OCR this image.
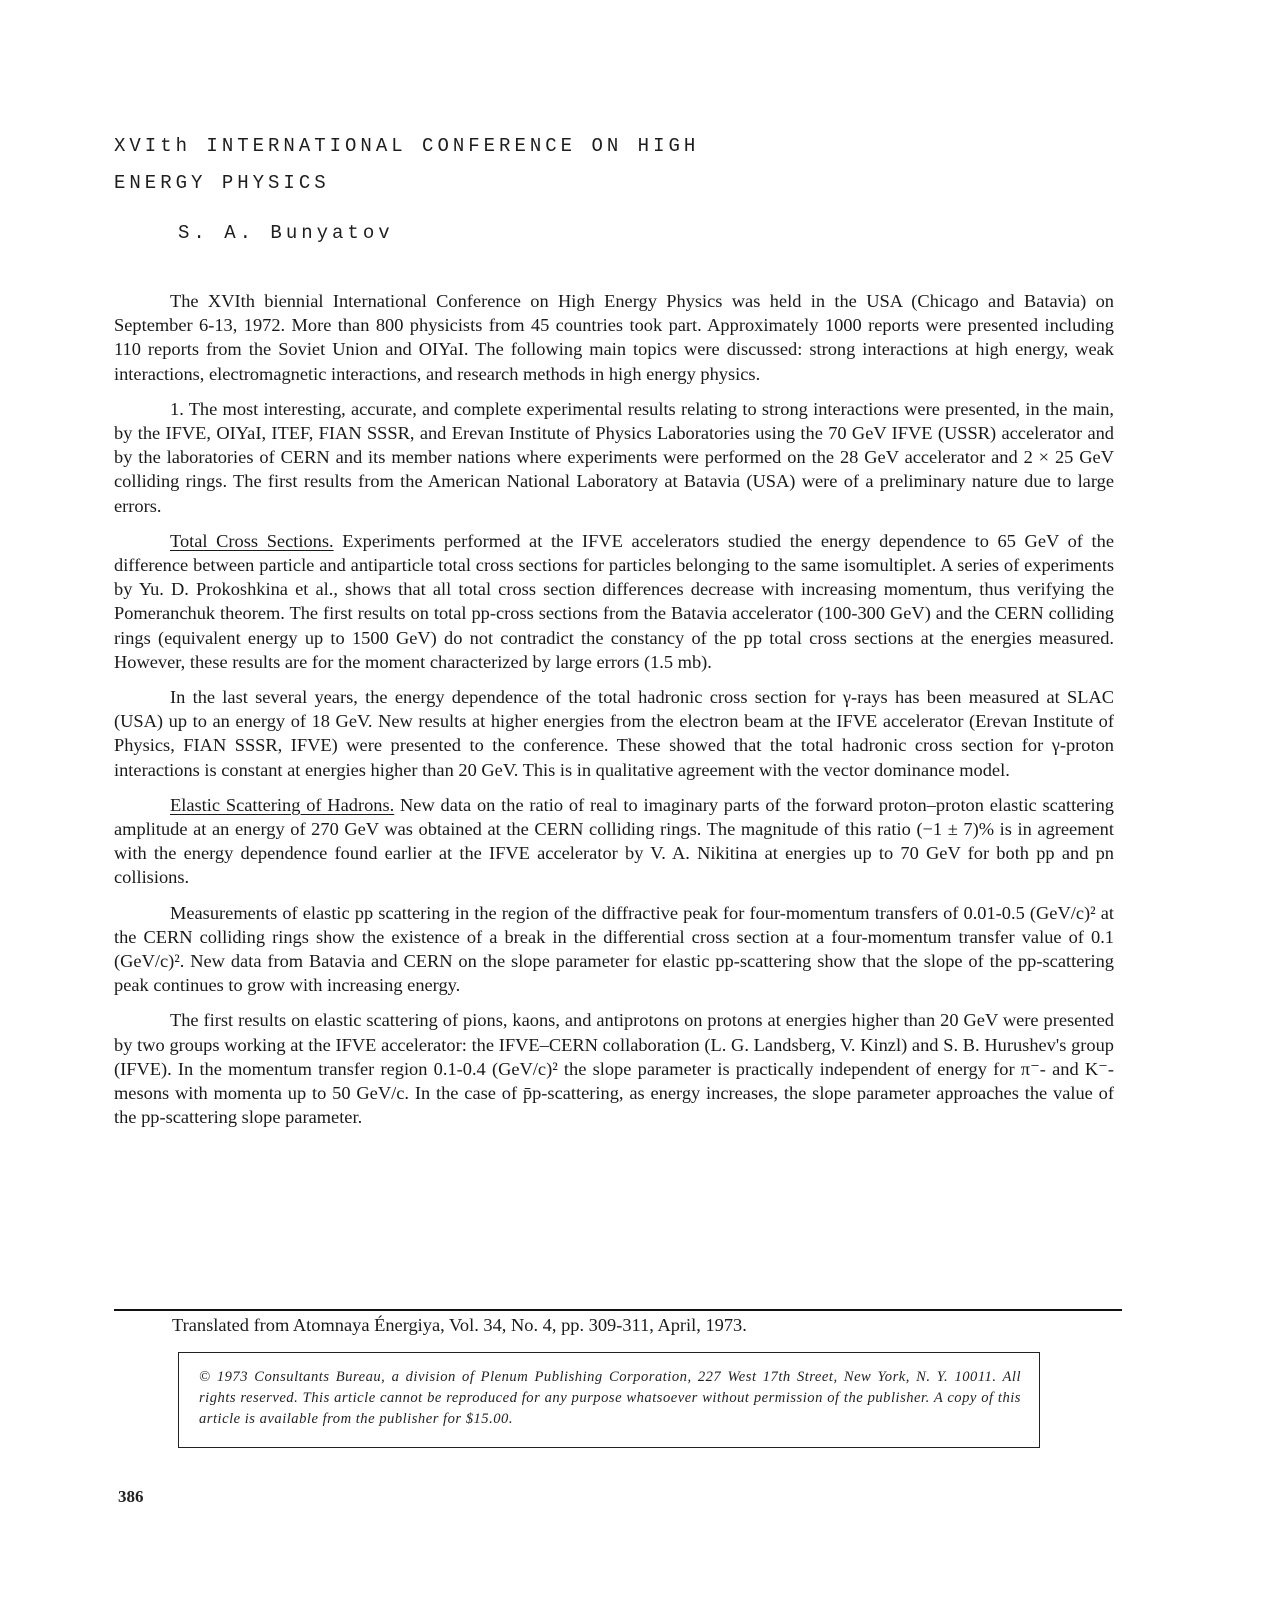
XVIth INTERNATIONAL CONFERENCE ON HIGH
ENERGY PHYSICS
S. A. Bunyatov

The XVIth biennial International Conference on High Energy Physics was held in the USA (Chicago and Batavia) on September 6-13, 1972. More than 800 physicists from 45 countries took part. Approximately 1000 reports were presented including 110 reports from the Soviet Union and OIYaI. The following main topics were discussed: strong interactions at high energy, weak interactions, electromagnetic interactions, and research methods in high energy physics.

1. The most interesting, accurate, and complete experimental results relating to strong interactions were presented, in the main, by the IFVE, OIYaI, ITEF, FIAN SSSR, and Erevan Institute of Physics Laboratories using the 70 GeV IFVE (USSR) accelerator and by the laboratories of CERN and its member nations where experiments were performed on the 28 GeV accelerator and 2 × 25 GeV colliding rings. The first results from the American National Laboratory at Batavia (USA) were of a preliminary nature due to large errors.

Total Cross Sections. Experiments performed at the IFVE accelerators studied the energy dependence to 65 GeV of the difference between particle and antiparticle total cross sections for particles belonging to the same isomultiplet. A series of experiments by Yu. D. Prokoshkina et al., shows that all total cross section differences decrease with increasing momentum, thus verifying the Pomeranchuk theorem. The first results on total pp-cross sections from the Batavia accelerator (100-300 GeV) and the CERN colliding rings (equivalent energy up to 1500 GeV) do not contradict the constancy of the pp total cross sections at the energies measured. However, these results are for the moment characterized by large errors (1.5 mb).

In the last several years, the energy dependence of the total hadronic cross section for γ-rays has been measured at SLAC (USA) up to an energy of 18 GeV. New results at higher energies from the electron beam at the IFVE accelerator (Erevan Institute of Physics, FIAN SSSR, IFVE) were presented to the conference. These showed that the total hadronic cross section for γ-proton interactions is constant at energies higher than 20 GeV. This is in qualitative agreement with the vector dominance model.

Elastic Scattering of Hadrons. New data on the ratio of real to imaginary parts of the forward proton–proton elastic scattering amplitude at an energy of 270 GeV was obtained at the CERN colliding rings. The magnitude of this ratio (−1 ± 7)% is in agreement with the energy dependence found earlier at the IFVE accelerator by V. A. Nikitina at energies up to 70 GeV for both pp and pn collisions.

Measurements of elastic pp scattering in the region of the diffractive peak for four-momentum transfers of 0.01-0.5 (GeV/c)² at the CERN colliding rings show the existence of a break in the differential cross section at a four-momentum transfer value of 0.1 (GeV/c)². New data from Batavia and CERN on the slope parameter for elastic pp-scattering show that the slope of the pp-scattering peak continues to grow with increasing energy.

The first results on elastic scattering of pions, kaons, and antiprotons on protons at energies higher than 20 GeV were presented by two groups working at the IFVE accelerator: the IFVE–CERN collaboration (L. G. Landsberg, V. Kinzl) and S. B. Hurushev's group (IFVE). In the momentum transfer region 0.1-0.4 (GeV/c)² the slope parameter is practically independent of energy for π⁻- and K⁻-mesons with momenta up to 50 GeV/c. In the case of p̄p-scattering, as energy increases, the slope parameter approaches the value of the pp-scattering slope parameter.

Translated from Atomnaya Énergiya, Vol. 34, No. 4, pp. 309-311, April, 1973.
© 1973 Consultants Bureau, a division of Plenum Publishing Corporation, 227 West 17th Street, New York, N. Y. 10011. All rights reserved. This article cannot be reproduced for any purpose whatsoever without permission of the publisher. A copy of this article is available from the publisher for $15.00.
386
